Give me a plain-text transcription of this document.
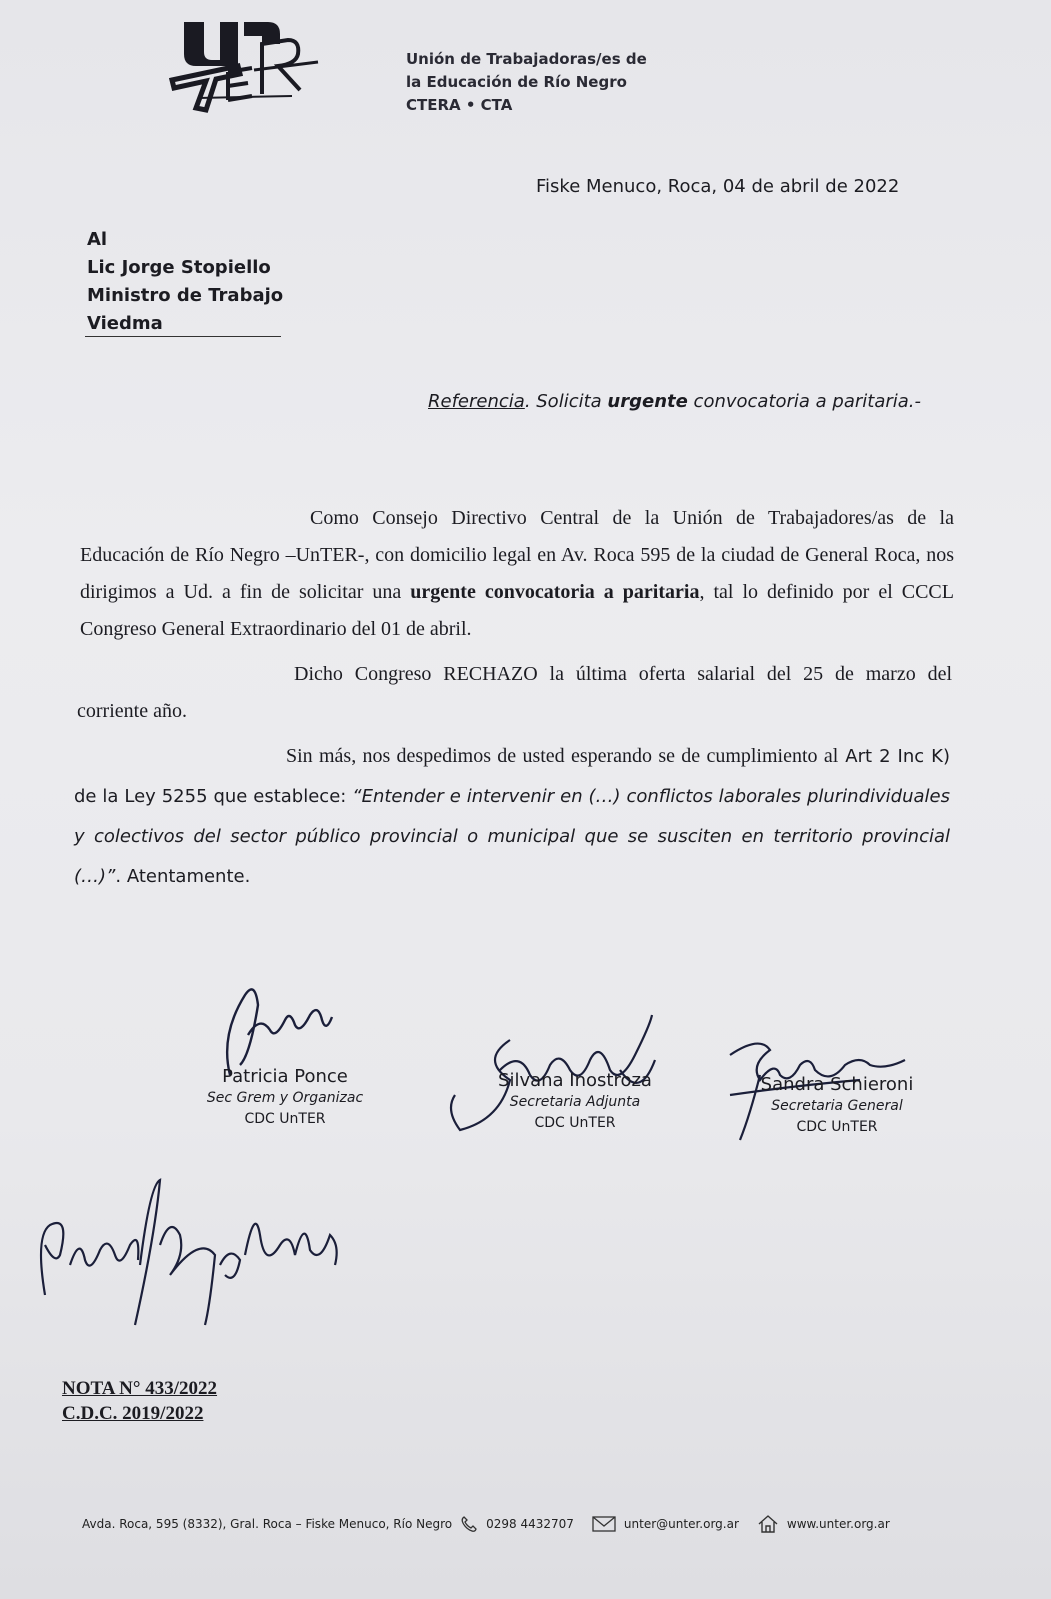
Unión de Trabajadoras/es de
la Educación de Río Negro
CTERA • CTA
Fiske Menuco, Roca, 04 de abril de 2022
Al
Lic Jorge Stopiello
Ministro de Trabajo
Viedma
Referencia. Solicita urgente convocatoria a paritaria.-
Como Consejo Directivo Central de la Unión de Trabajadores/as de la Educación de Río Negro –UnTER-, con domicilio legal en Av. Roca 595 de la ciudad de General Roca, nos dirigimos a Ud. a fin de solicitar una urgente convocatoria a paritaria, tal lo definido por el CCCL Congreso General Extraordinario del 01 de abril.
Dicho Congreso RECHAZO la última oferta salarial del 25 de marzo del corriente año.
Sin más, nos despedimos de usted esperando se de cumplimiento al Art 2 Inc K) de la Ley 5255 que establece: “Entender e intervenir en (…) conflictos laborales plurindividuales y colectivos del sector público provincial o municipal que se susciten en territorio provincial (…)”. Atentamente.
Patricia Ponce
Sec Grem y Organizac
CDC UnTER
Silvana Inostroza
Secretaria Adjunta
CDC UnTER
Sandra Schieroni
Secretaria General
CDC UnTER
NOTA N° 433/2022
C.D.C. 2019/2022
Avda. Roca, 595 (8332), Gral. Roca – Fiske Menuco, Río Negro	0298 4432707	unter@unter.org.ar	www.unter.org.ar
